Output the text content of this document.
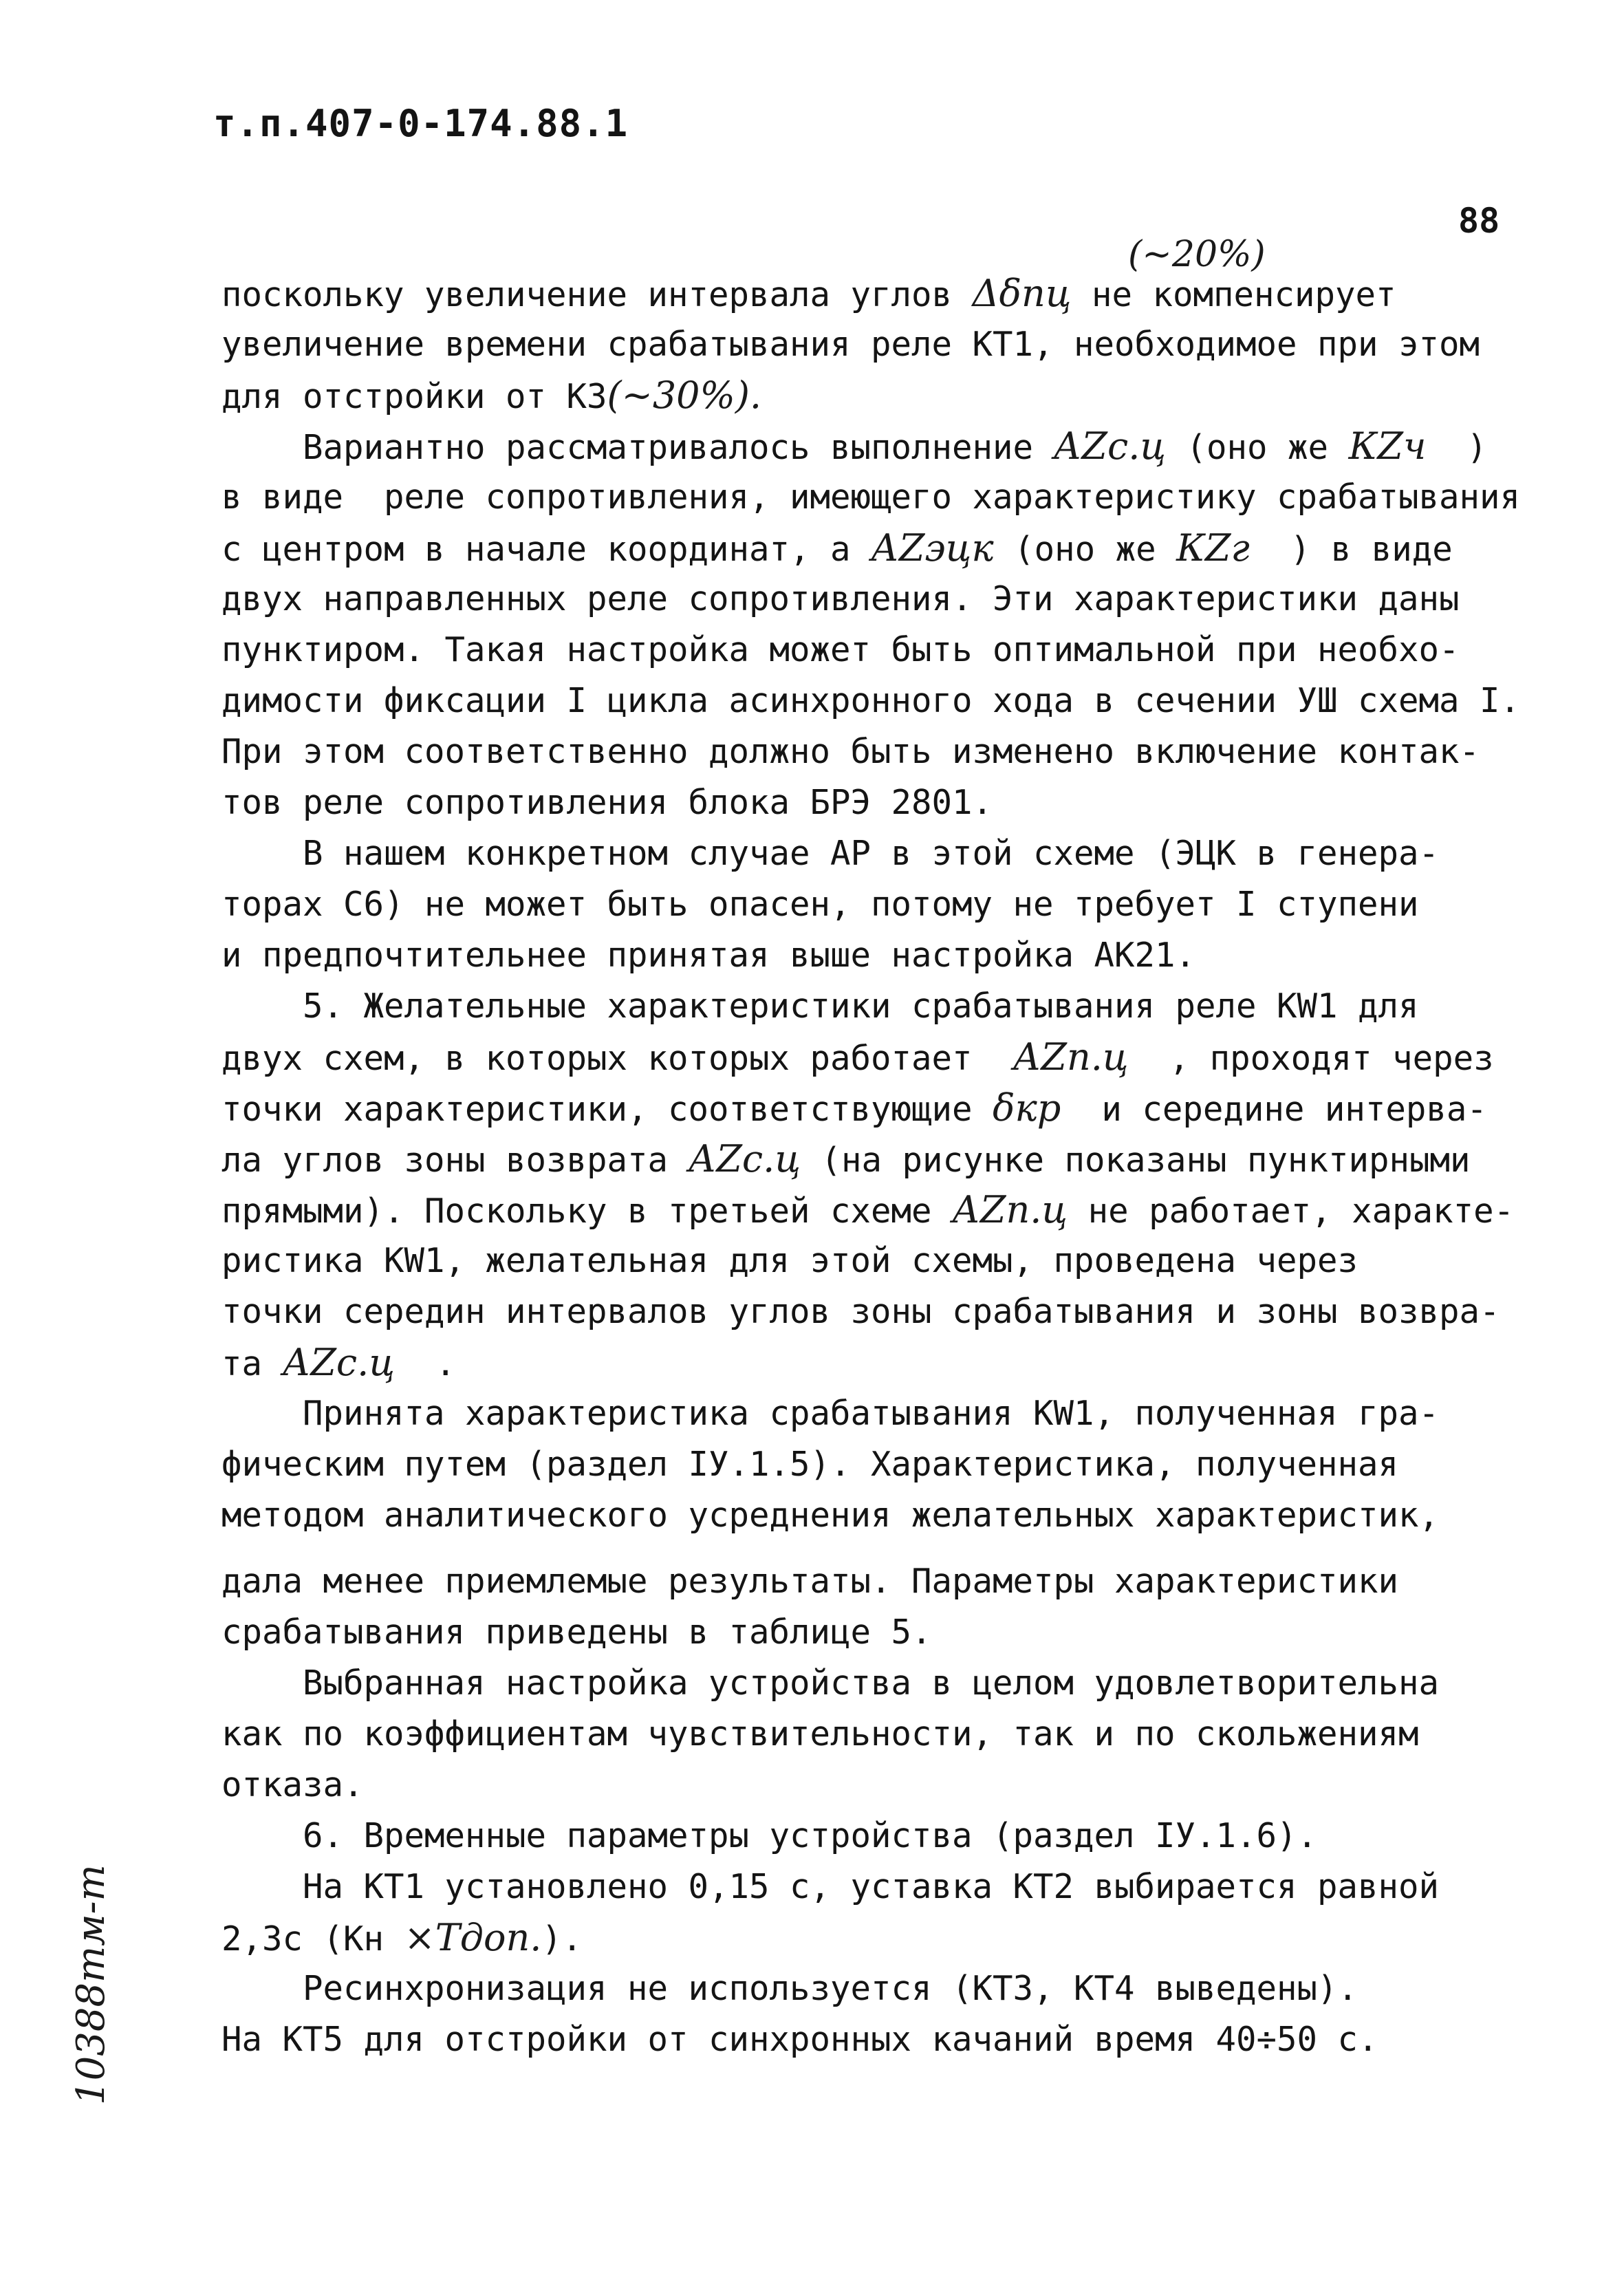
т.п.407-0-174.88.1
88
(~20%)
поскольку увеличение интервала углов Δδпц не компенсирует
увеличение времени срабатывания реле КТ1, необходимое при этом
для отстройки от КЗ(~30%).
Вариантно рассматривалось выполнение АZс.ц (оно же КZч  )
в виде  реле сопротивления, имеющего характеристику срабатывания
с центром в начале координат, а АZэцк (оно же КZг  ) в виде
двух направленных реле сопротивления. Эти характеристики даны
пунктиром. Такая настройка может быть оптимальной при необхо-
димости фиксации I цикла асинхронного хода в сечении УШ схема I.
При этом соответственно должно быть изменено включение контак-
тов реле сопротивления блока БРЭ 2801.
В нашем конкретном случае АР в этой схеме (ЭЦК в генера-
торах С6) не может быть опасен, потому не требует I ступени
и предпочтительнее принятая выше настройка АК21.
5. Желательные характеристики срабатывания реле КW1 для
двух схем, в которых которых работает  АZп.ц  , проходят через
точки характеристики, соответствующие δкр  и середине интерва-
ла углов зоны возврата АZс.ц (на рисунке показаны пунктирными
прямыми). Поскольку в третьей схеме АZп.ц не работает, характе-
ристика КW1, желательная для этой схемы, проведена через
точки середин интервалов углов зоны срабатывания и зоны возвра-
та АZс.ц  .
Принята характеристика срабатывания КW1, полученная гра-
фическим путем (раздел IУ.1.5). Характеристика, полученная
методом аналитического усреднения желательных характеристик,
дала менее приемлемые результаты. Параметры характеристики
срабатывания приведены в таблице 5.
Выбранная настройка устройства в целом удовлетворительна
как по коэффициентам чувствительности, так и по скольжениям
отказа.
6. Временные параметры устройства (раздел IУ.1.6).
На КТ1 установлено 0,15 с, уставка КТ2 выбирается равной
2,3с (Кн ×Тдоп.).
Ресинхронизация не используется (КТ3, КТ4 выведены).
На КТ5 для отстройки от синхронных качаний время 40÷50 с.
10388тм-т
